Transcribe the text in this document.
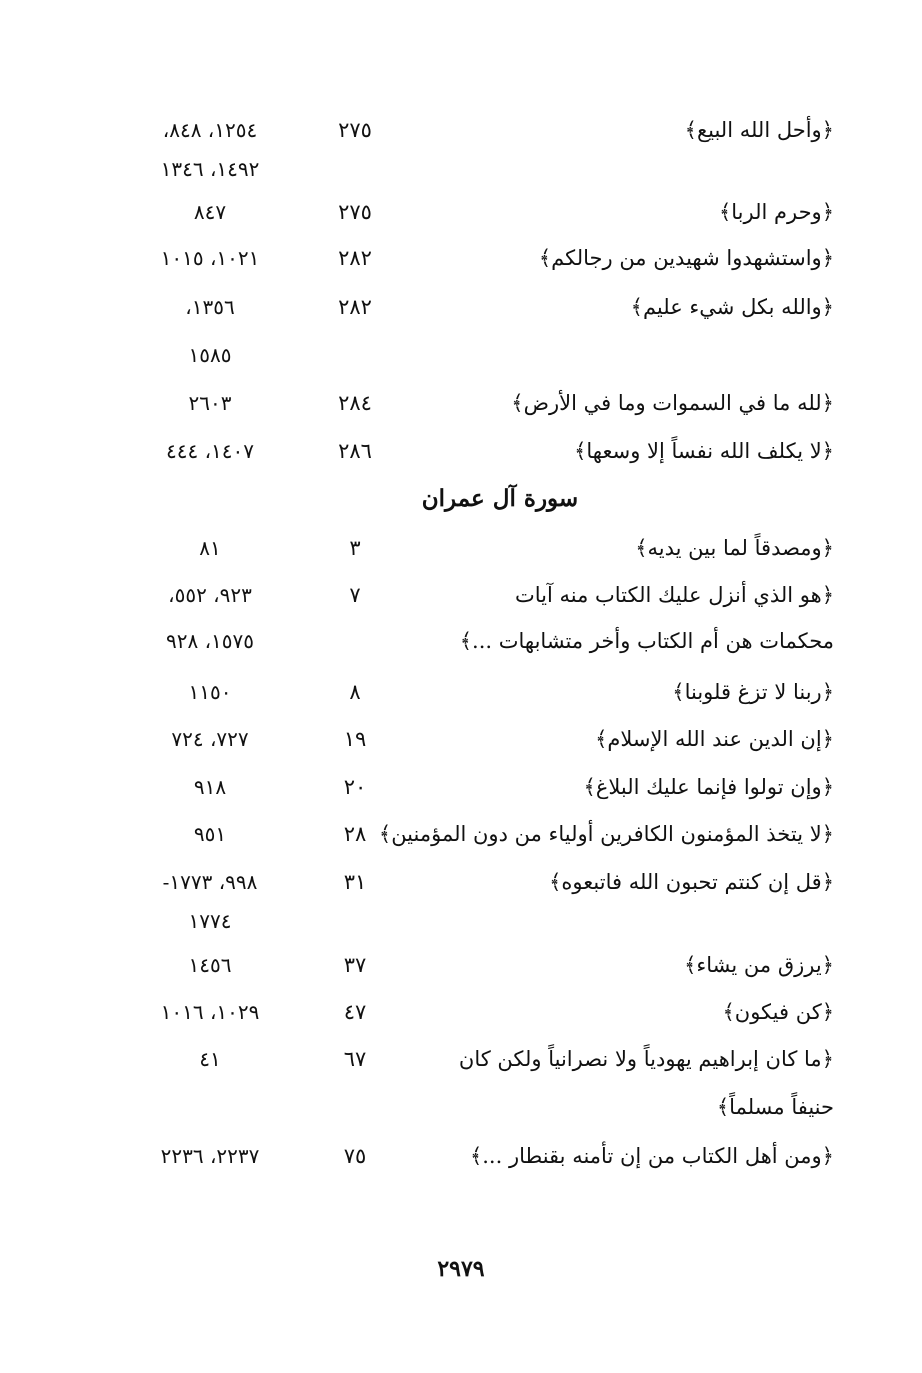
﴿وأحل الله البيع﴾
٢٧٥
١٢٥٤، ٨٤٨،
١٤٩٢، ١٣٤٦
﴿وحرم الربا﴾
٢٧٥
٨٤٧
﴿واستشهدوا شهيدين من رجالكم﴾
٢٨٢
١٠٢١، ١٠١٥
﴿والله بكل شيء عليم﴾
٢٨٢
١٣٥٦،
١٥٨٥
﴿لله ما في السموات وما في الأرض﴾
٢٨٤
٢٦٠٣
﴿لا يكلف الله نفساً إلا وسعها﴾
٢٨٦
١٤٠٧، ٤٤٤
سورة آل عمران
﴿ومصدقاً لما بين يديه﴾
٣
٨١
﴿هو الذي أنزل عليك الكتاب منه آيات
٧
٩٢٣، ٥٥٢،
محكمات هن أم الكتاب وأخر متشابهات ...﴾
١٥٧٥، ٩٢٨
﴿ربنا لا تزغ قلوبنا﴾
٨
١١٥٠
﴿إن الدين عند الله الإسلام﴾
١٩
٧٢٧، ٧٢٤
﴿وإن تولوا فإنما عليك البلاغ﴾
٢٠
٩١٨
﴿لا يتخذ المؤمنون الكافرين أولياء من دون المؤمنين﴾
٢٨
٩٥١
﴿قل إن كنتم تحبون الله فاتبعوه﴾
٣١
٩٩٨، ١٧٧٣-
١٧٧٤
﴿يرزق من يشاء﴾
٣٧
١٤٥٦
﴿كن فيكون﴾
٤٧
١٠٢٩، ١٠١٦
﴿ما كان إبراهيم يهودياً ولا نصرانياً ولكن كان
٦٧
٤١
حنيفاً مسلماً﴾
﴿ومن أهل الكتاب من إن تأمنه بقنطار ...﴾
٧٥
٢٢٣٧، ٢٢٣٦
٢٩٧٩
